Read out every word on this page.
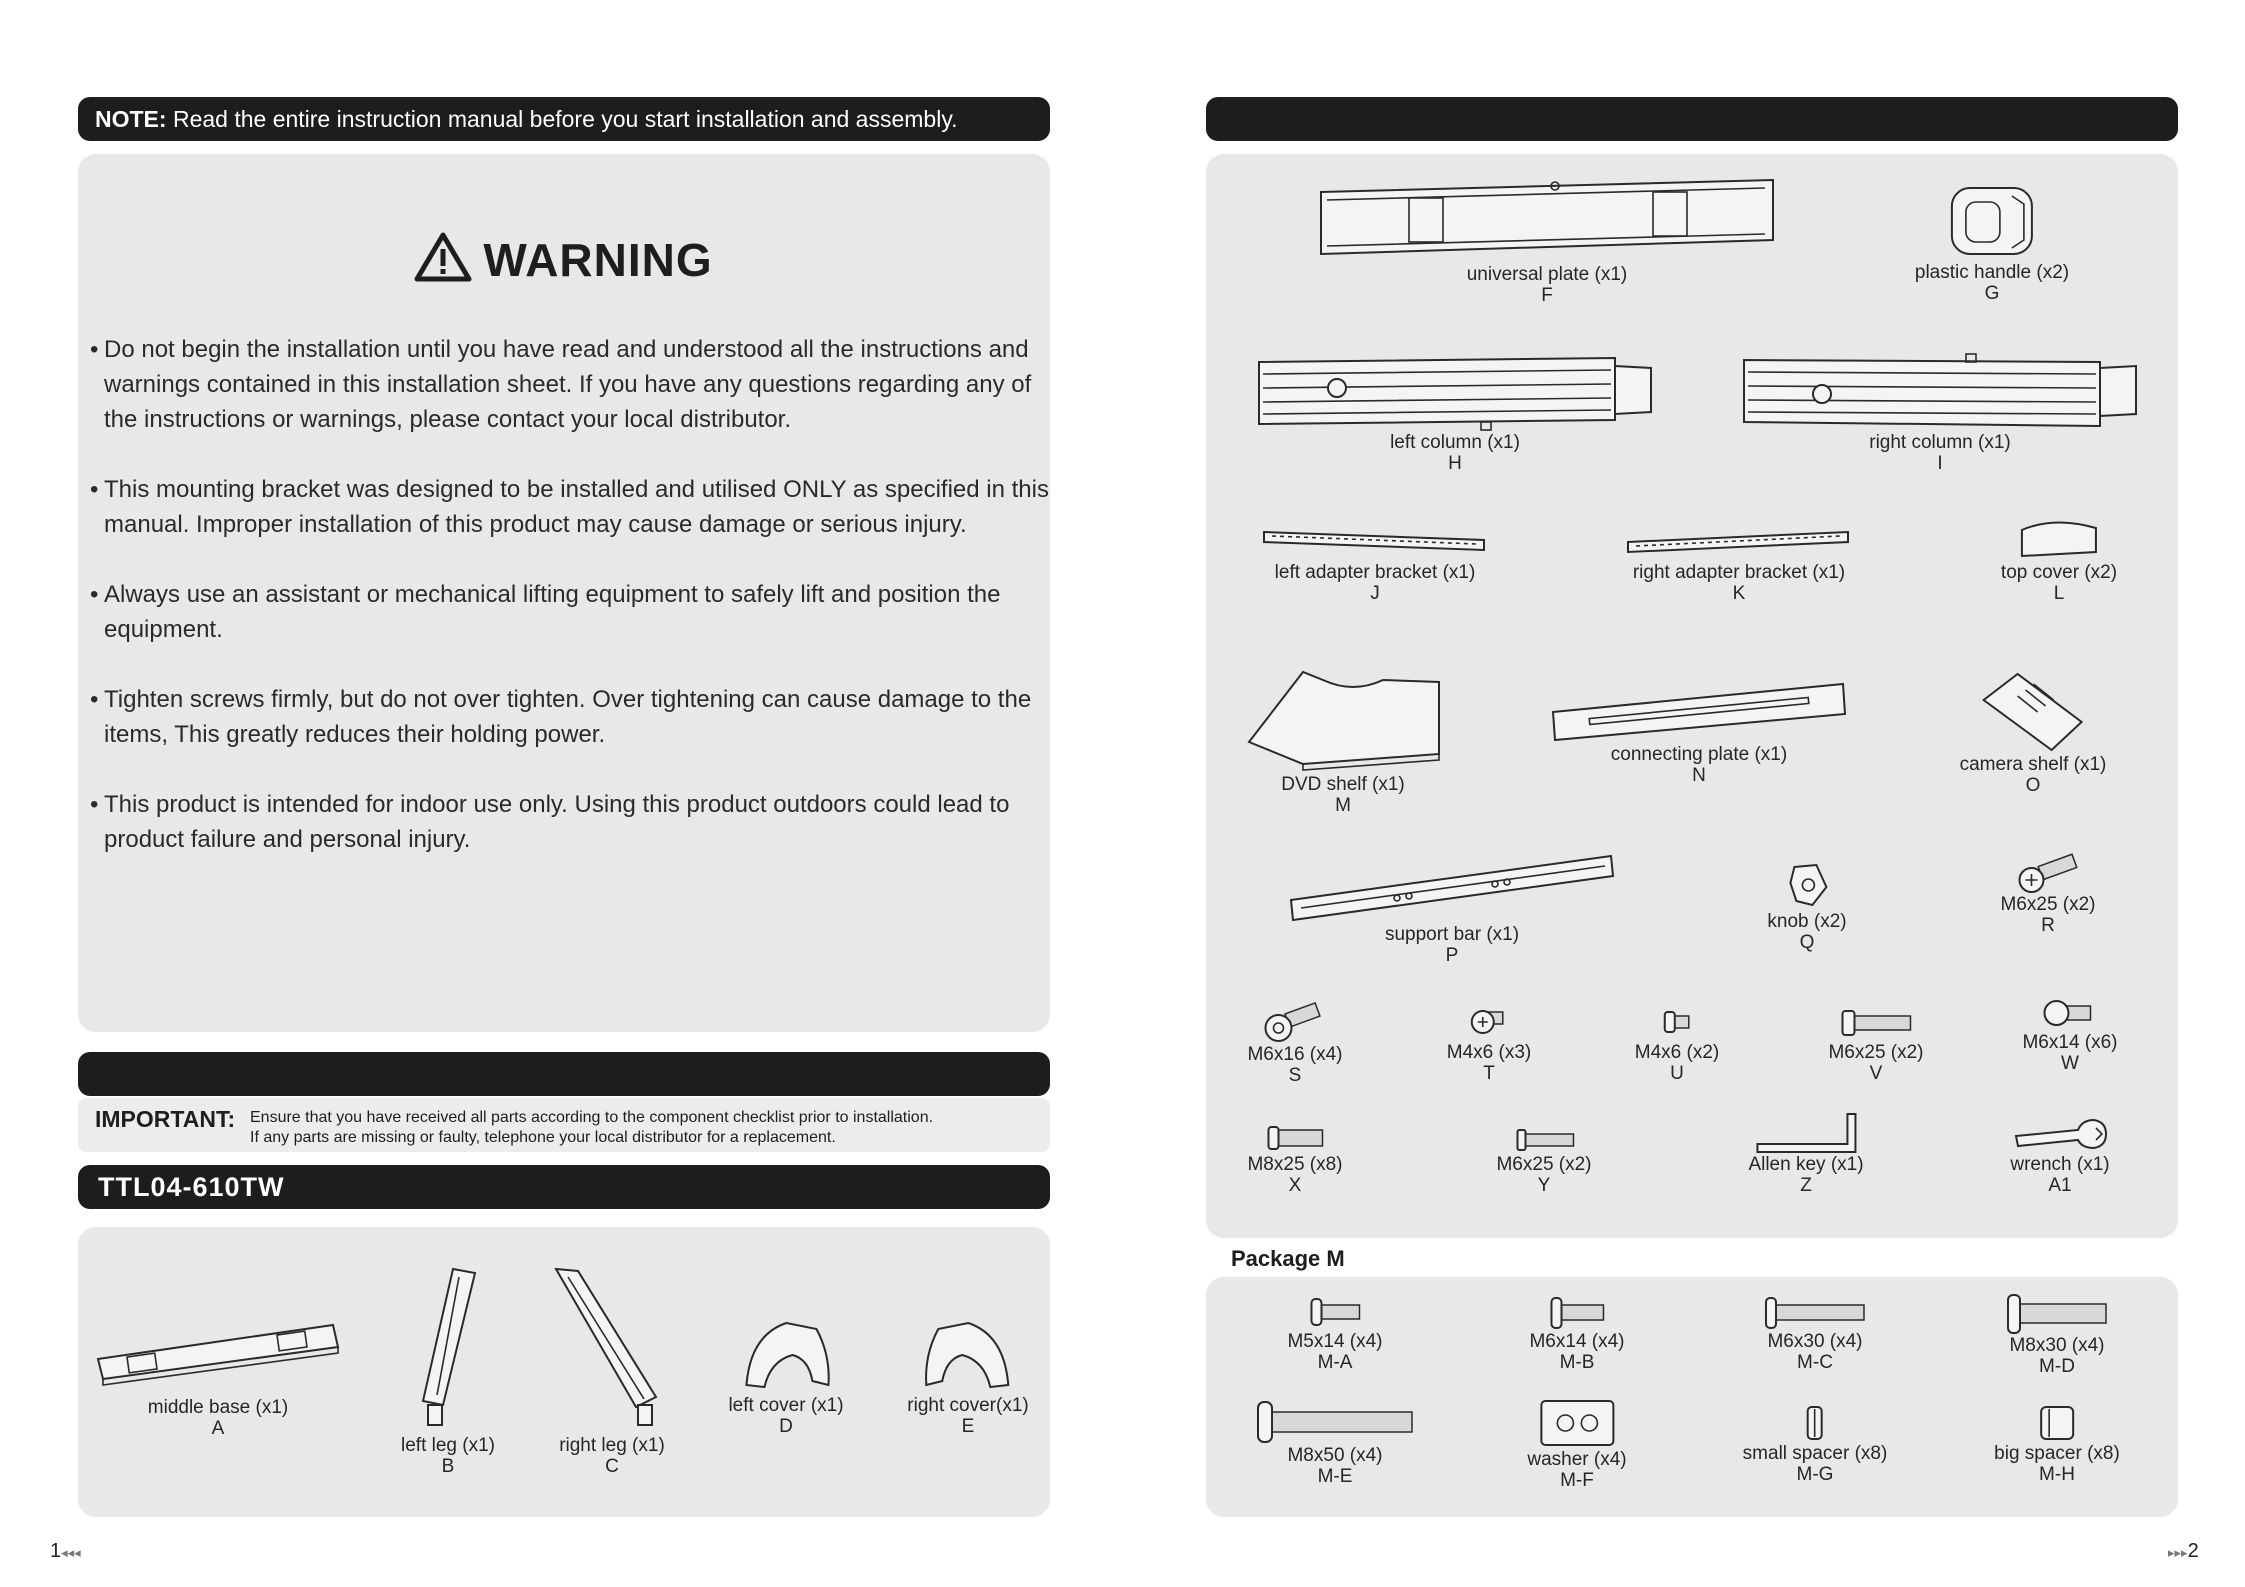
NOTE: Read the entire instruction manual before you start installation and assembly.
WARNING
• Do not begin the installation until you have read and understood all the instructions and warnings contained in this installation sheet. If you have any questions regarding any of the instructions or warnings, please contact your local distributor.
• This mounting bracket was designed to be installed and utilised ONLY as specified in this manual. Improper installation of this product may cause damage or serious injury.
• Always use an assistant or mechanical lifting equipment to safely lift and position the equipment.
• Tighten screws firmly, but do not over tighten. Over tightening can cause damage to the items, This greatly reduces their holding power.
• This product is intended for indoor use only. Using this product outdoors could lead to product failure and personal injury.
IMPORTANT: Ensure that you have received all parts according to the component checklist prior to installation.
If any parts are missing or faulty, telephone your local distributor for a replacement.
TTL04-610TW
middle base (x1)
A
left leg (x1)
B
right leg (x1)
C
left cover (x1)
D
right cover(x1)
E
1◂◂◂
universal plate (x1)
F
plastic handle (x2)
G
left column (x1)
H
right column (x1)
I
left adapter bracket (x1)
J
right adapter bracket (x1)
K
top cover (x2)
L
DVD shelf (x1)
M
connecting plate (x1)
N
camera shelf (x1)
O
support bar (x1)
P
knob (x2)
Q
M6x25 (x2)
R
M6x16 (x4)
S
M4x6 (x3)
T
M4x6 (x2)
U
M6x25 (x2)
V
M6x14 (x6)
W
M8x25 (x8)
X
M6x25 (x2)
Y
Allen key (x1)
Z
wrench (x1)
A1
Package M
M5x14 (x4)
M-A
M6x14 (x4)
M-B
M6x30 (x4)
M-C
M8x30 (x4)
M-D
M8x50 (x4)
M-E
washer (x4)
M-F
small spacer (x8)
M-G
big spacer (x8)
M-H
▸▸▸2
